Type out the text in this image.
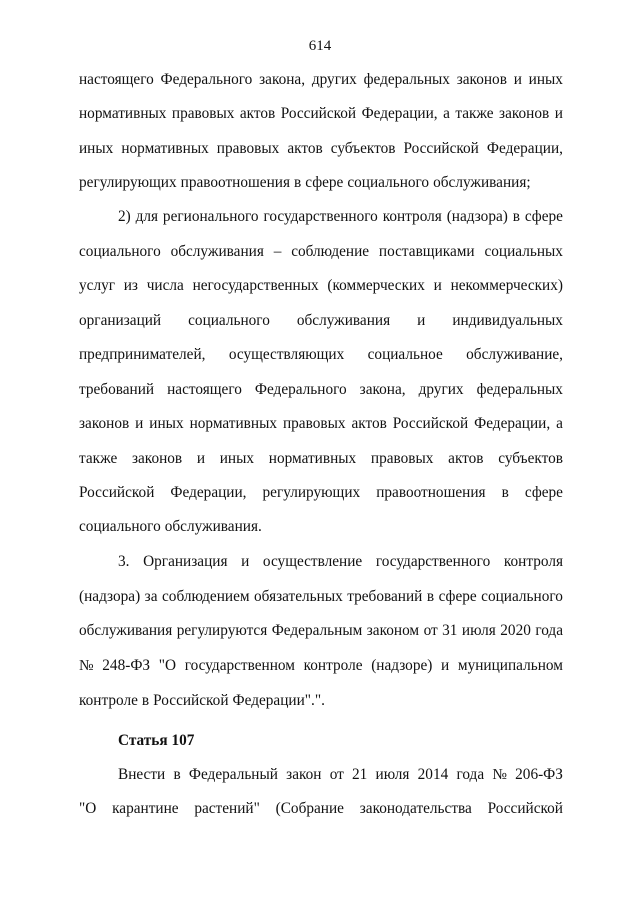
614
настоящего Федерального закона, других федеральных законов и иных
нормативных правовых актов Российской Федерации, а также законов и
иных нормативных правовых актов субъектов Российской Федерации,
регулирующих правоотношения в сфере социального обслуживания;
2) для регионального государственного контроля (надзора) в сфере
социального обслуживания – соблюдение поставщиками социальных
услуг из числа негосударственных (коммерческих и некоммерческих)
организаций социального обслуживания и индивидуальных
предпринимателей, осуществляющих социальное обслуживание,
требований настоящего Федерального закона, других федеральных
законов и иных нормативных правовых актов Российской Федерации, а
также законов и иных нормативных правовых актов субъектов
Российской Федерации, регулирующих правоотношения в сфере
социального обслуживания.
3. Организация и осуществление государственного контроля
(надзора) за соблюдением обязательных требований в сфере социального
обслуживания регулируются Федеральным законом от 31 июля 2020 года
№ 248-ФЗ "О государственном контроле (надзоре) и муниципальном
контроле в Российской Федерации".".
Внести в Федеральный закон от 21 июля 2014 года № 206-ФЗ
"О карантине растений" (Собрание законодательства Российской
Статья 107
